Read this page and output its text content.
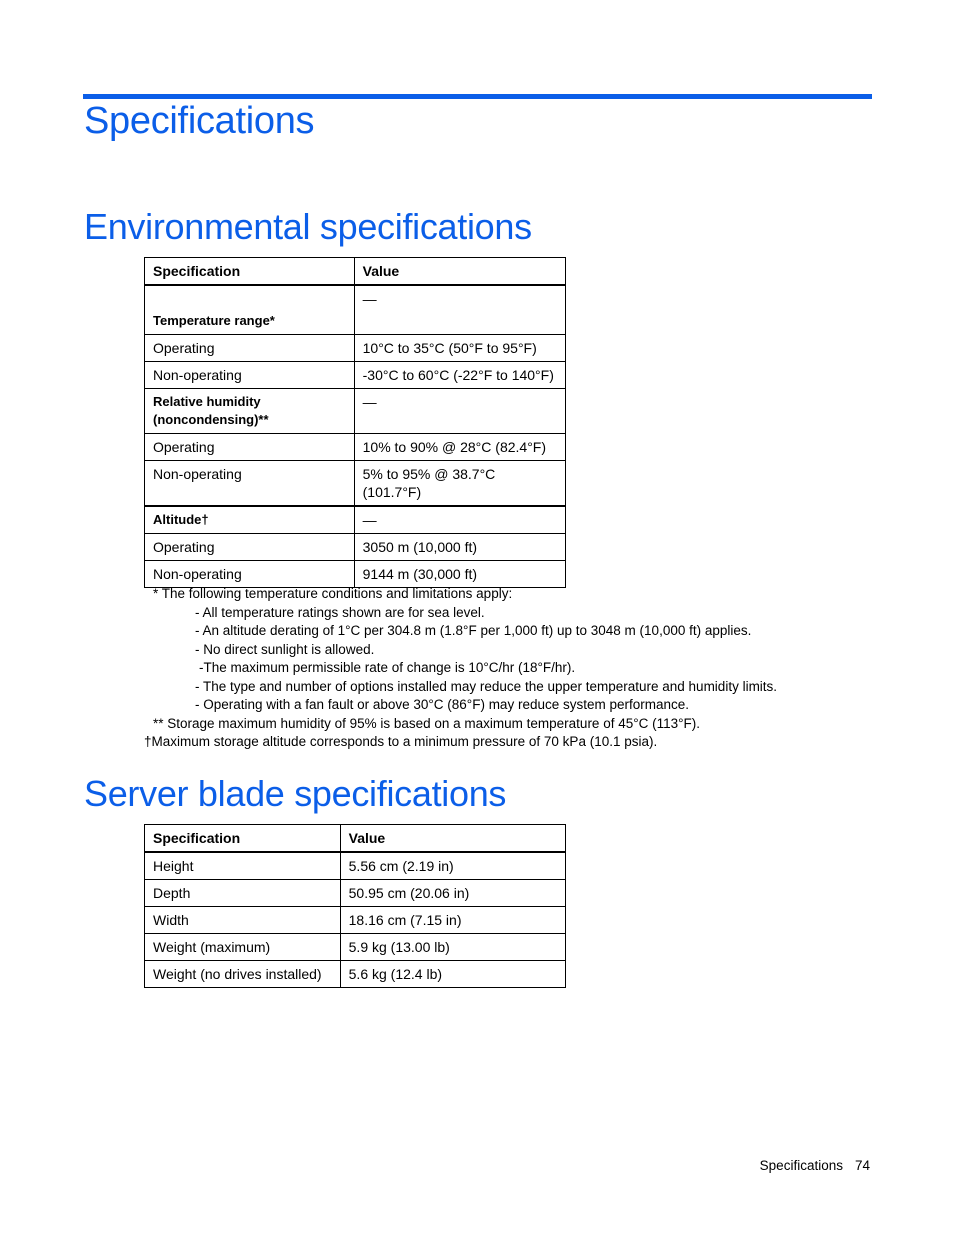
Specifications
Environmental specifications
Specification	Value
Temperature range*	—
Operating	10°C to 35°C (50°F to 95°F)
Non-operating	-30°C to 60°C (-22°F to 140°F)

Relative humidity
(noncondensing)**	—
Operating	10% to 90% @ 28°C (82.4°F)
Non-operating	5% to 95% @ 38.7°C
(101.7°F)

Altitude†	—
Operating	3050 m (10,000 ft)
Non-operating	9144 m (30,000 ft)
* The following temperature conditions and limitations apply:
- All temperature ratings shown are for sea level.
- An altitude derating of 1°C per 304.8 m (1.8°F per 1,000 ft) up to 3048 m (10,000 ft) applies.
- No direct sunlight is allowed.
-The maximum permissible rate of change is 10°C/hr (18°F/hr).
- The type and number of options installed may reduce the upper temperature and humidity limits.
- Operating with a fan fault or above 30°C (86°F) may reduce system performance.
** Storage maximum humidity of 95% is based on a maximum temperature of 45°C (113°F).
†Maximum storage altitude corresponds to a minimum pressure of 70 kPa (10.1 psia).
Server blade specifications
Specification	Value
Height	5.56 cm (2.19 in)
Depth	50.95 cm (20.06 in)
Width	18.16 cm (7.15 in)
Weight (maximum)	5.9 kg (13.00 lb)
Weight (no drives installed)	5.6 kg (12.4 lb)
Specifications 74
